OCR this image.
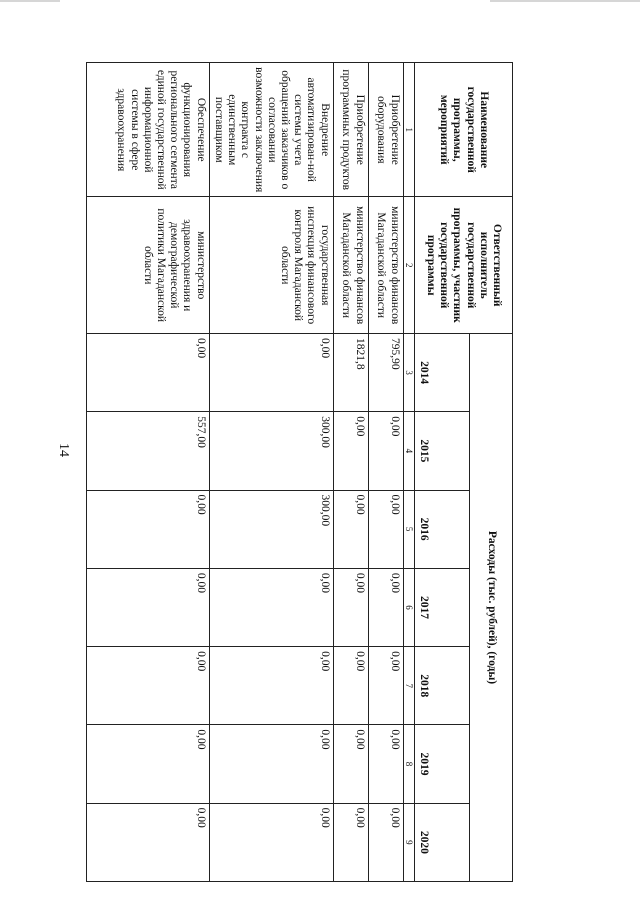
14
Наименование государственной программы, мероприятий	Ответственный исполнитель государственной программы, участник государственной программы	Расходы (тыс. рублей), (годы)						
		2014	2015	2016	2017	2018	2019	2020
1	2	3	4	5	6	7	8	9
Приобретение оборудования	министерство финансов Магаданской области	795,90	0,00	0,00	0,00	0,00	0,00	0,00
Приобретение программных продуктов	министерство финансов Магаданской области	1821,8	0,00	0,00	0,00	0,00	0,00	0,00
Внедрение автоматизирован-ной системы учета обращений заказчиков о согласовании возможности заключения контракта с единственным поставщиком	государственная инспекция финансового контроля Магаданской области	0,00	300,00	300,00	0,00	0,00	0,00	0,00
Обеспечение функционирования регионального сегмента единой государственной информационной системы в сфере здравоохранения	министерство здравоохранения и демографической политики Магаданской области	0,00	557,00	0,00	0,00	0,00	0,00	0,00
